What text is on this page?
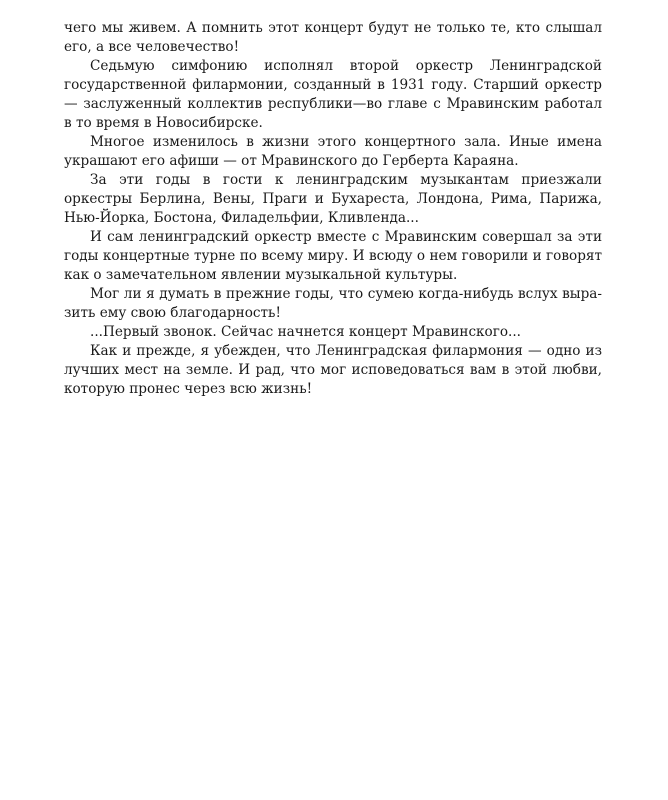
чего мы живем. А помнить этот концерт будут не только те, кто слышал его, а все человечество!

Седьмую симфонию исполнял второй оркестр Ленинградской государственной филармонии, созданный в 1931 году. Старший оркестр — заслуженный коллектив республики—во главе с Мравинским работал в то время в Новосибирске.

Многое изменилось в жизни этого концертного зала. Иные имена украшают его афиши — от Мравинского до Герберта Караяна.

За эти годы в гости к ленинградским музыкантам приезжали оркестры Берлина, Вены, Праги и Бухареста, Лондона, Рима, Парижа, Нью-Йорка, Бостона, Филадельфии, Кливленда...

И сам ленинградский оркестр вместе с Мравинским совершал за эти годы концертные турне по всему миру. И всюду о нем говорили и говорят как о замечательном явлении музыкальной культуры.

Мог ли я думать в прежние годы, что сумею когда-нибудь вслух выразить ему свою благодарность!

...Первый звонок. Сейчас начнется концерт Мравинского...

Как и прежде, я убежден, что Ленинградская филармония — одно из лучших мест на земле. И рад, что мог исповедоваться вам в этой любви, которую пронес через всю жизнь!
